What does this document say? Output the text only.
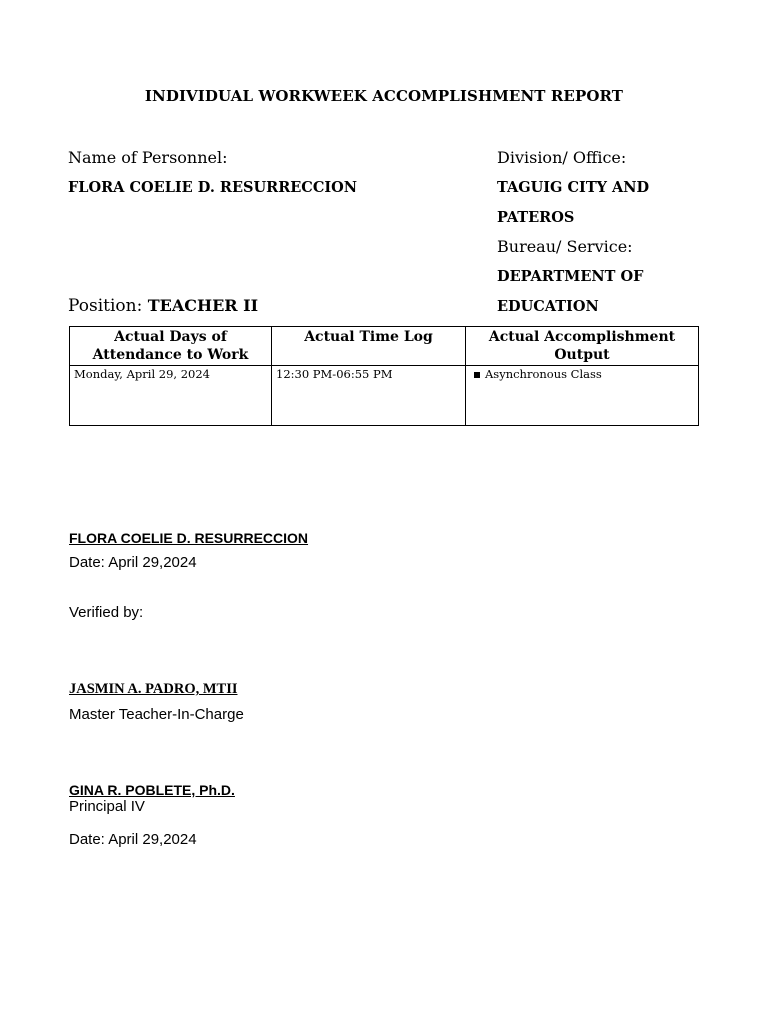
INDIVIDUAL WORKWEEK ACCOMPLISHMENT REPORT
Name of Personnel:
FLORA COELIE D. RESURRECCION
Position: TEACHER II
Division/ Office:
TAGUIG CITY AND
PATEROS
Bureau/ Service:
DEPARTMENT OF
EDUCATION
Actual Days of Attendance to Work	Actual Time Log	Actual Accomplishment Output
Monday, April 29, 2024	12:30 PM-06:55 PM	Asynchronous Class
FLORA COELIE D. RESURRECCION
Date: April 29,2024
Verified by:
JASMIN A. PADRO, MTII
Master Teacher-In-Charge
GINA R. POBLETE, Ph.D.
Principal IV
Date: April 29,2024
